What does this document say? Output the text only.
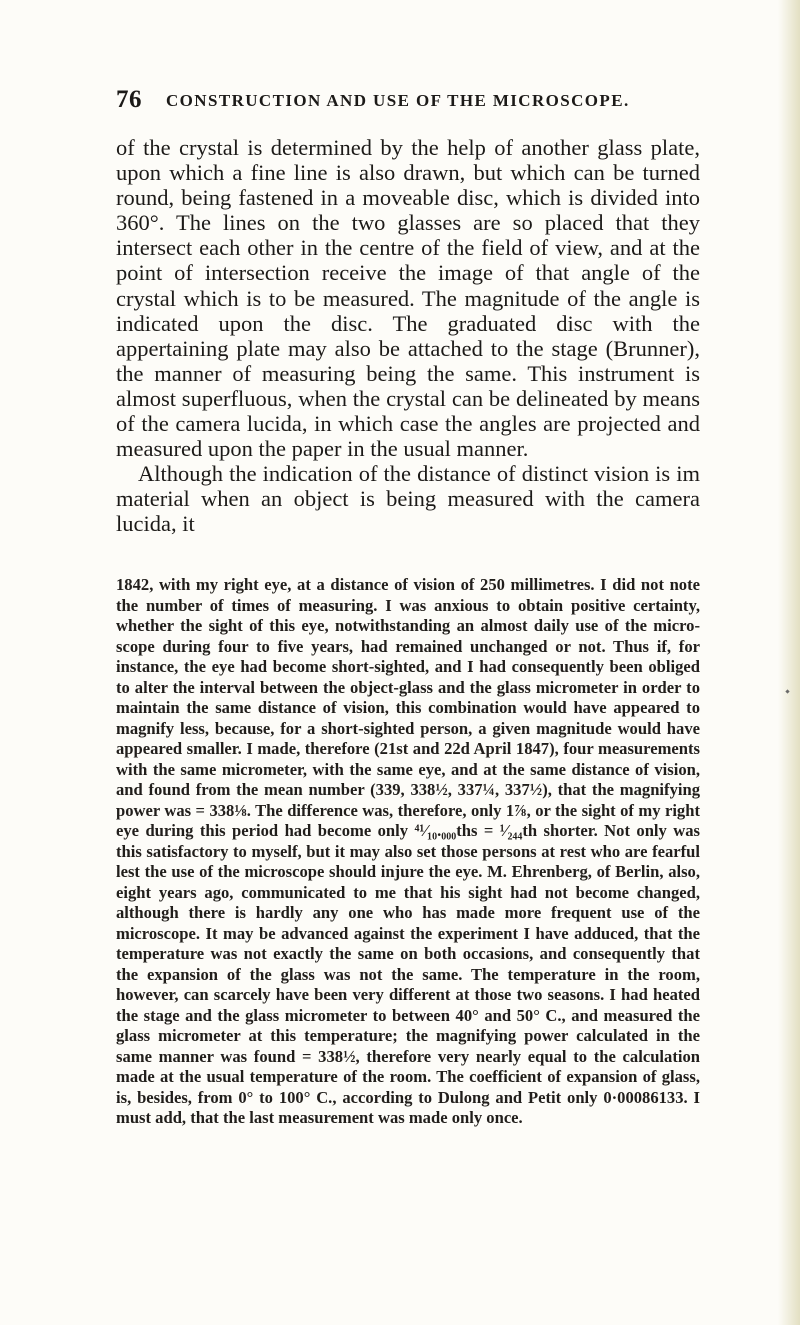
76 CONSTRUCTION AND USE OF THE MICROSCOPE.

of the crystal is determined by the help of another glass plate, upon which a fine line is also drawn, but which can be turned round, being fastened in a moveable disc, which is divided into 360°. The lines on the two glasses are so placed that they intersect each other in the centre of the field of view, and at the point of intersection receive the image of that angle of the crystal which is to be measured. The magnitude of the angle is indicated upon the disc. The graduated disc with the appertaining plate may also be attached to the stage (Brunner), the manner of measuring being the same. This instrument is almost superfluous, when the crystal can be delineated by means of the camera lucida, in which case the angles are projected and measured upon the paper in the usual manner.

Although the indication of the distance of distinct vision is im material when an object is being measured with the camera lucida, it

1842, with my right eye, at a distance of vision of 250 millimetres. I did not note the number of times of measuring. I was anxious to obtain positive certainty, whether the sight of this eye, notwithstanding an almost daily use of the microscope during four to five years, had remained unchanged or not. Thus if, for instance, the eye had become short-sighted, and I had consequently been obliged to alter the interval between the object-glass and the glass micrometer in order to maintain the same distance of vision, this combination would have appeared to magnify less, because, for a short-sighted person, a given magnitude would have appeared smaller. I made, therefore (21st and 22d April 1847), four measurements with the same micrometer, with the same eye, and at the same distance of vision, and found from the mean number (339, 338½, 337¼, 337½), that the magnifying power was = 338⅛. The difference was, therefore, only 1⅞, or the sight of my right eye during this period had become only ⁴¹⁄₁₀.₀₀₀ths = ¹⁄₂₄₄th shorter. Not only was this satisfactory to myself, but it may also set those persons at rest who are fearful lest the use of the microscope should injure the eye. M. Ehrenberg, of Berlin, also, eight years ago, communicated to me that his sight had not become changed, although there is hardly any one who has made more frequent use of the microscope. It may be advanced against the experiment I have adduced, that the temperature was not exactly the same on both occasions, and consequently that the expansion of the glass was not the same. The temperature in the room, however, can scarcely have been very different at those two seasons. I had heated the stage and the glass micrometer to between 40° and 50° C., and measured the glass micrometer at this temperature; the magnifying power calculated in the same manner was found = 338½, therefore very nearly equal to the calculation made at the usual temperature of the room. The coefficient of expansion of glass, is, besides, from 0° to 100° C., according to Dulong and Petit only 0·00086133. I must add, that the last measurement was made only once.
